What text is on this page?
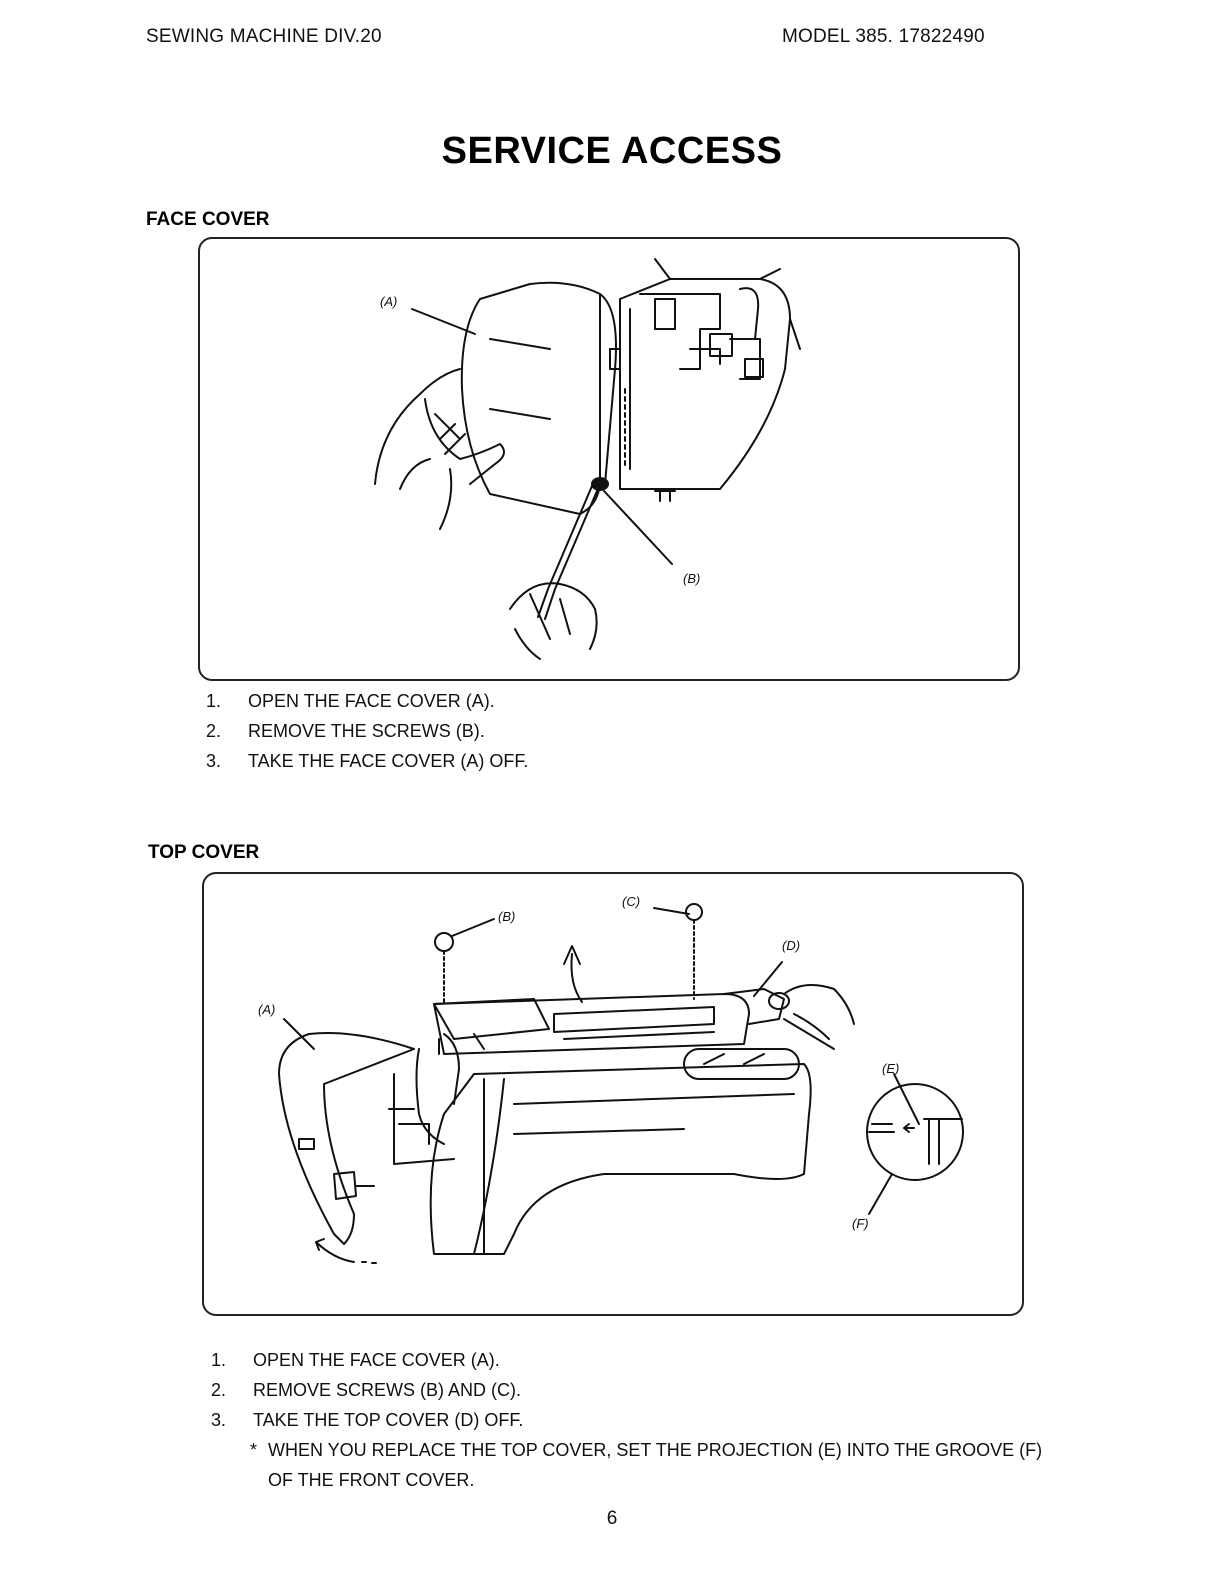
SEWING MACHINE DIV.20	MODEL 385. 17822490
SERVICE ACCESS
FACE COVER
(A)
(B)
1.	OPEN THE FACE COVER (A).
2.	REMOVE THE SCREWS (B).
3.	TAKE THE FACE COVER (A) OFF.
TOP COVER
(B)
(C)
(D)
(A)
(E)
(F)
1.	OPEN THE FACE COVER (A).
2.	REMOVE SCREWS (B) AND (C).
3.	TAKE THE TOP COVER (D) OFF.
* WHEN YOU REPLACE THE TOP COVER, SET THE PROJECTION (E) INTO THE GROOVE (F)
OF THE FRONT COVER.
6
